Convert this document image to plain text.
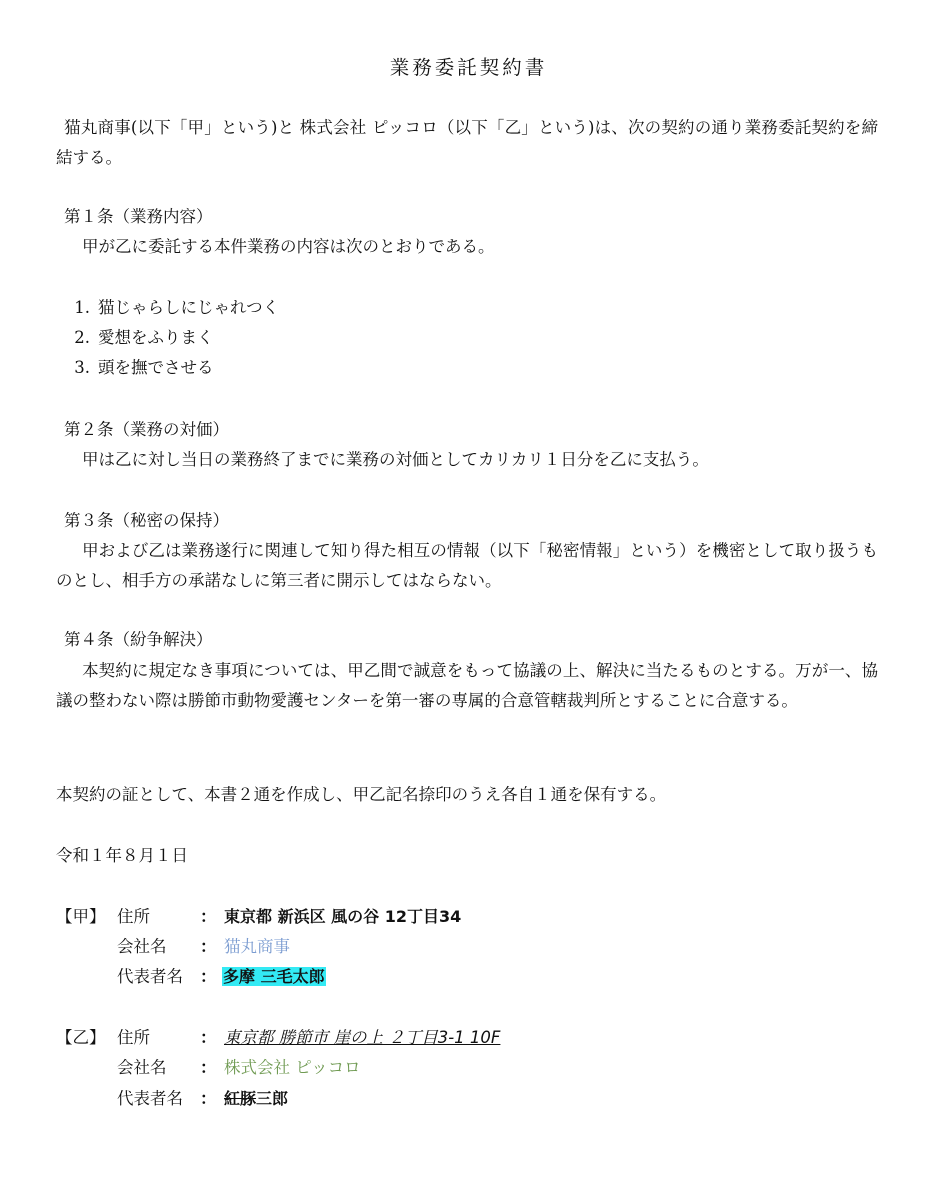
業務委託契約書
猫丸商事(以下「甲」という)と 株式会社 ピッコロ（以下「乙」という)は、次の契約の通り業務委託契約を締結する。
第１条（業務内容）
甲が乙に委託する本件業務の内容は次のとおりである。
1. 猫じゃらしにじゃれつく
2. 愛想をふりまく
3. 頭を撫でさせる
第２条（業務の対価）
甲は乙に対し当日の業務終了までに業務の対価としてカリカリ１日分を乙に支払う。
第３条（秘密の保持）
甲および乙は業務遂行に関連して知り得た相互の情報（以下「秘密情報」という）を機密として取り扱うものとし、相手方の承諾なしに第三者に開示してはならない。
第４条（紛争解決）
本契約に規定なき事項については、甲乙間で誠意をもって協議の上、解決に当たるものとする。万が一、協議の整わない際は勝節市動物愛護センターを第一審の専属的合意管轄裁判所とすることに合意する。
本契約の証として、本書２通を作成し、甲乙記名捺印のうえ各自１通を保有する。
令和１年８月１日
【甲】 住所	： 東京都 新浜区 風の谷 12丁目34
会社名 ： 猫丸商事
代表者名 ： 多摩 三毛太郎
【乙】 住所	： 東京都 勝節市 崖の上 ２丁目3-1 10F
会社名 ： 株式会社 ピッコロ
代表者名 ： 紅豚三郎
